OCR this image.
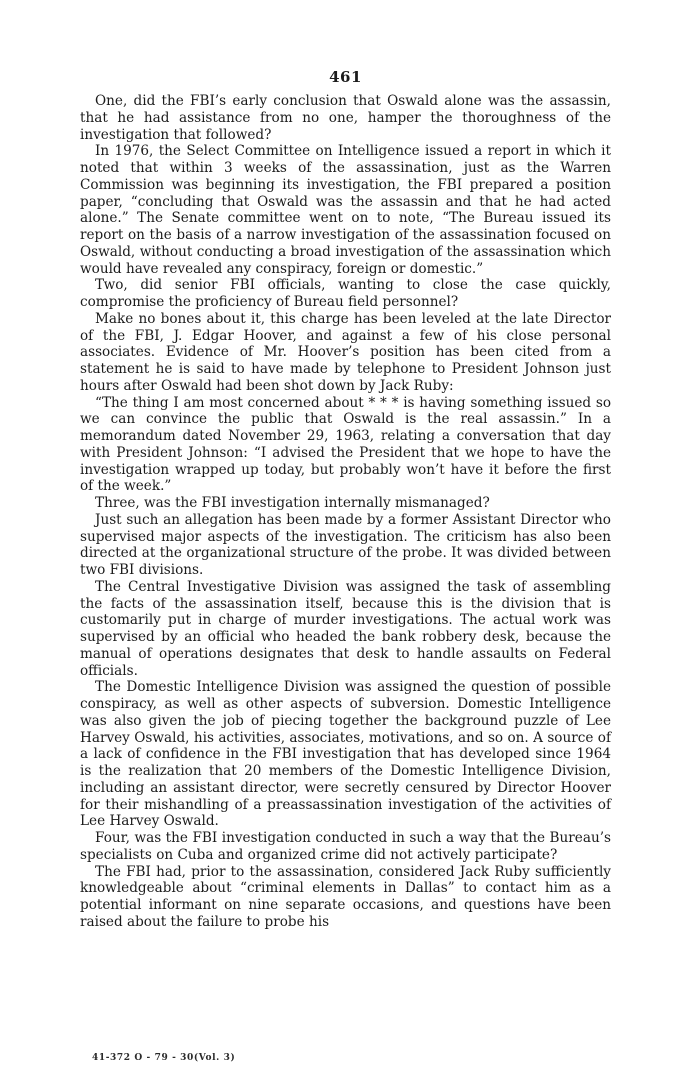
461

One, did the FBI’s early conclusion that Oswald alone was the assassin, that he had assistance from no one, hamper the thoroughness of the investigation that followed?

In 1976, the Select Committee on Intelligence issued a report in which it noted that within 3 weeks of the assassination, just as the Warren Commission was beginning its investigation, the FBI prepared a position paper, “concluding that Oswald was the assassin and that he had acted alone.” The Senate committee went on to note, “The Bureau issued its report on the basis of a narrow investigation of the assassination focused on Oswald, without conducting a broad investigation of the assassination which would have revealed any conspiracy, foreign or domestic.”

Two, did senior FBI officials, wanting to close the case quickly, compromise the proficiency of Bureau field personnel?

Make no bones about it, this charge has been leveled at the late Director of the FBI, J. Edgar Hoover, and against a few of his close personal associates. Evidence of Mr. Hoover’s position has been cited from a statement he is said to have made by telephone to President Johnson just hours after Oswald had been shot down by Jack Ruby:

“The thing I am most concerned about * * * is having something issued so we can convince the public that Oswald is the real assassin.” In a memorandum dated November 29, 1963, relating a conversation that day with President Johnson: “I advised the President that we hope to have the investigation wrapped up today, but probably won’t have it before the first of the week.”

Three, was the FBI investigation internally mismanaged?

Just such an allegation has been made by a former Assistant Director who supervised major aspects of the investigation. The criticism has also been directed at the organizational structure of the probe. It was divided between two FBI divisions.

The Central Investigative Division was assigned the task of assembling the facts of the assassination itself, because this is the division that is customarily put in charge of murder investigations. The actual work was supervised by an official who headed the bank robbery desk, because the manual of operations designates that desk to handle assaults on Federal officials.

The Domestic Intelligence Division was assigned the question of possible conspiracy, as well as other aspects of subversion. Domestic Intelligence was also given the job of piecing together the background puzzle of Lee Harvey Oswald, his activities, associates, motivations, and so on. A source of a lack of confidence in the FBI investigation that has developed since 1964 is the realization that 20 members of the Domestic Intelligence Division, including an assistant director, were secretly censured by Director Hoover for their mishandling of a preassassination investigation of the activities of Lee Harvey Oswald.

Four, was the FBI investigation conducted in such a way that the Bureau’s specialists on Cuba and organized crime did not actively participate?

The FBI had, prior to the assassination, considered Jack Ruby sufficiently knowledgeable about “criminal elements in Dallas” to contact him as a potential informant on nine separate occasions, and questions have been raised about the failure to probe his

41-372 O - 79 - 30(Vol. 3)
